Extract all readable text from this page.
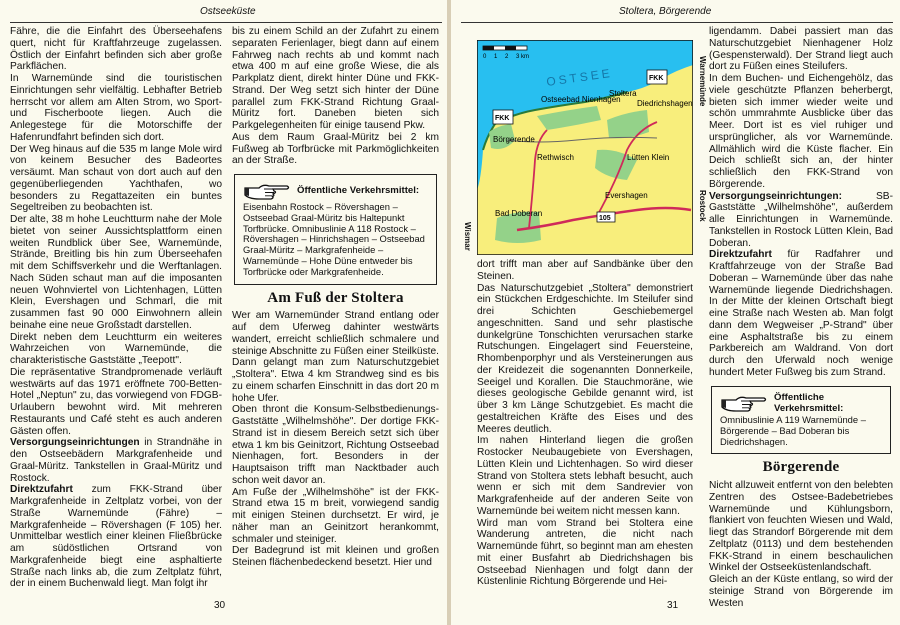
Ostseeküste

Fähre, die die Einfahrt des Überseehafens quert, nicht für Kraftfahrzeuge zugelassen. Östlich der Einfahrt befinden sich aber große Parkflächen.

In Warnemünde sind die touristischen Einrichtungen sehr vielfältig. Lebhafter Betrieb herrscht vor allem am Alten Strom, wo Sport- und Fischerboote liegen. Auch die Anlegestege für die Motorschiffe der Hafenrundfahrt befinden sich dort.

Der Weg hinaus auf die 535 m lange Mole wird von keinem Besucher des Badeortes versäumt. Man schaut von dort auch auf den gegenüberliegenden Yachthafen, wo besonders zu Regattazeiten ein buntes Segeltreiben zu beobachten ist.

Der alte, 38 m hohe Leuchtturm nahe der Mole bietet von seiner Aussichtsplattform einen weiten Rundblick über See, Warnemünde, Strände, Breitling bis hin zum Überseehafen mit dem Schiffsverkehr und die Werftanlagen. Nach Süden schaut man auf die imposanten neuen Wohnviertel von Lichtenhagen, Lütten Klein, Evershagen und Schmarl, die mit zusammen fast 90 000 Einwohnern allein beinahe eine neue Großstadt darstellen.

Direkt neben dem Leuchtturm ein weiteres Wahrzeichen von Warnemünde, die charakteristische Gaststätte „Teepott".

Die repräsentative Strandpromenade verläuft westwärts auf das 1971 eröffnete 700-Betten-Hotel „Neptun" zu, das vorwiegend von FDGB-Urlaubern bewohnt wird. Mit mehreren Restaurants und Café steht es auch anderen Gästen offen.

Versorgungseinrichtungen in Strandnähe in den Ostseebädern Markgrafenheide und Graal-Müritz. Tankstellen in Graal-Müritz und Rostock.

Direktzufahrt zum FKK-Strand über Markgrafenheide in Zeltplatz vorbei, von der Straße Warnemünde (Fähre) – Markgrafenheide – Rövershagen (F 105) her. Unmittelbar westlich einer kleinen Fließbrücke am südöstlichen Ortsrand von Markgrafenheide biegt eine asphaltierte Straße nach links ab, die zum Zeltplatz führt, der in einem Buchenwald liegt. Man folgt ihr

bis zu einem Schild an der Zufahrt zu einem separaten Ferienlager, biegt dann auf einem Fahrweg nach rechts ab und kommt nach etwa 400 m auf eine große Wiese, die als Parkplatz dient, direkt hinter Düne und FKK-Strand. Der Weg setzt sich hinter der Düne parallel zum FKK-Strand Richtung Graal-Müritz fort. Daneben bieten sich Parkgelegenheiten für einige tausend Pkw.

Aus dem Raum Graal-Müritz bei 2 km Fußweg ab Torfbrücke mit Parkmöglichkeiten an der Straße.

Öffentliche Verkehrsmittel:
Eisenbahn Rostock – Rövershagen – Ostseebad Graal-Müritz bis Haltepunkt Torfbrücke. Omnibuslinie A 118 Rostock – Rövershagen – Hinrichshagen – Ostseebad Graal-Müritz – Markgrafenheide – Warnemünde – Hohe Düne entweder bis Torfbrücke oder Markgrafenheide.
Am Fuß der Stoltera

Wer am Warnemünder Strand entlang oder auf dem Uferweg dahinter westwärts wandert, erreicht schließlich schmalere und steinige Abschnitte zu Füßen einer Steilküste. Dann gelangt man zum Naturschutzgebiet „Stoltera". Etwa 4 km Strandweg sind es bis zu einem scharfen Einschnitt in das dort 20 m hohe Ufer.

Oben thront die Konsum-Selbstbedienungs-Gaststätte „Wilhelmshöhe". Der dortige FKK-Strand ist in diesem Bereich setzt sich über etwa 1 km bis Geinitzort, Richtung Ostseebad Nienhagen, fort. Besonders in der Hauptsaison trifft man Nacktbader auch schon weit davor an.

Am Fuße der „Wilhelmshöhe" ist der FKK-Strand etwa 15 m breit, vorwiegend sandig mit einigen Steinen durchsetzt. Er wird, je näher man an Geinitzort herankommt, schmaler und steiniger.

Der Badegrund ist mit kleinen und großen Steinen flächenbedeckend besetzt. Hier und

30
Stoltera, Börgerende
0 1 2 3 km
OSTSEE	FKK
FKK
Stoltera
Diedrichshagen
Ostseebad Nienhagen
Börgerende
Rethwisch	Lütten Klein
Evershagen
Bad Doberan
105

dort trifft man aber auf Sandbänke über den Steinen.

Das Naturschutzgebiet „Stoltera" demonstriert ein Stückchen Erdgeschichte. Im Steilufer sind drei Schichten Geschiebemergel angeschnitten. Sand und sehr plastische dunkelgrüne Tonschichten verursachen starke Rutschungen. Eingelagert sind Feuersteine, Rhombenporphyr und als Versteinerungen aus der Kreidezeit die sogenannten Donnerkeile, Seeigel und Korallen. Die Stauchmoräne, wie dieses geologische Gebilde genannt wird, ist über 3 km Länge Schutzgebiet. Es macht die gestaltreichen Kräfte des Eises und des Meeres deutlich.

Im nahen Hinterland liegen die großen Rostocker Neubaugebiete von Evershagen, Lütten Klein und Lichtenhagen. So wird dieser Strand von Stoltera stets lebhaft besucht, auch wenn er sich mit dem Sandrevier von Markgrafenheide auf der anderen Seite von Warnemünde bei weitem nicht messen kann.

Wird man vom Strand bei Stoltera eine Wanderung antreten, die nicht nach Warnemünde führt, so beginnt man am ehesten mit einer Busfahrt ab Diedrichshagen bis Ostseebad Nienhagen und folgt dann der Küstenlinie Richtung Börgerende und Hei-

Warnemünde
Rostock
Wismar

ligendamm. Dabei passiert man das Naturschutzgebiet Nienhagener Holz (Gespensterwald). Der Strand liegt auch dort zu Füßen eines Steilufers.

In dem Buchen- und Eichengehölz, das viele geschützte Pflanzen beherbergt, bieten sich immer wieder weite und schön ummrahmte Ausblicke über das Meer. Dort ist es viel ruhiger und ursprünglicher, als vor Warnemünde. Allmählich wird die Küste flacher. Ein Deich schließt sich an, der hinter schließlich den FKK-Strand von Börgerende.

Versorgungseinrichtungen: SB-Gaststätte „Wilhelmshöhe", außerdem alle Einrichtungen in Warnemünde. Tankstellen in Rostock Lütten Klein, Bad Doberan.

Direktzufahrt für Radfahrer und Kraftfahrzeuge von der Straße Bad Doberan – Warnemünde über das nahe Warnemünde liegende Diedrichshagen. In der Mitte der kleinen Ortschaft biegt eine Straße nach Westen ab. Man folgt dann dem Wegweiser „P-Strand" über eine Asphaltstraße bis zu einem Parkbereich am Waldrand. Von dort durch den Uferwald noch wenige hundert Meter Fußweg bis zum Strand.

Öffentliche Verkehrsmittel:
Omnibuslinie A 119 Warnemünde – Börgerende – Bad Doberan bis Diedrichshagen.
Börgerende

Nicht allzuweit entfernt von den belebten Zentren des Ostsee-Badebetriebes Warnemünde und Kühlungsborn, flankiert von feuchten Wiesen und Wald, liegt das Strandorf Börgerende mit dem Zeltplatz (0113) und dem bestehenden FKK-Strand in einem beschaulichen Winkel der Ostseeküstenlandschaft.

Gleich an der Küste entlang, so wird der steinige Strand von Börgerende im Westen

31
